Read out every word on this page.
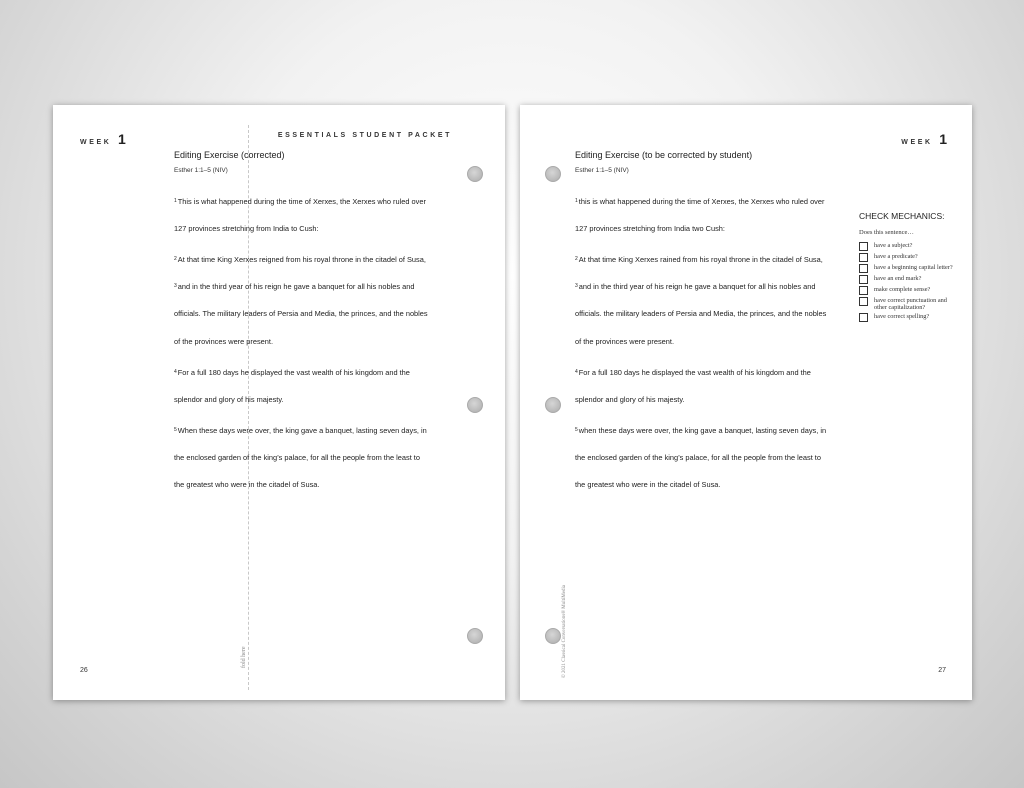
WEEK 1	ESSENTIALS STUDENT PACKET
fold here
Editing Exercise (corrected)
Esther 1:1–5 (NIV)
$^1$This is what happened during the time of Xerxes, the Xerxes who ruled over
127 provinces stretching from India to Cush:
$^2$At that time King Xerxes reigned from his royal throne in the citadel of Susa,
$^3$and in the third year of his reign he gave a banquet for all his nobles and
officials. The military leaders of Persia and Media, the princes, and the nobles
of the provinces were present.
$^4$For a full 180 days he displayed the vast wealth of his kingdom and the
splendor and glory of his majesty.
$^5$When these days were over, the king gave a banquet, lasting seven days, in
the enclosed garden of the king’s palace, for all the people from the least to
the greatest who were in the citadel of Susa.
26
WEEK 1
Editing Exercise (to be corrected by student)
Esther 1:1–5 (NIV)
$^1$this is what happened during the time of Xerxes, the Xerxes who ruled over
127 provinces stretching from India two Cush:
$^2$At that time King Xerxes rained from his royal throne in the citadel of Susa,
$^3$and in the third year of his reign he gave a banquet for all his nobles and
officials. the military leaders of Persia and Media, the princes, and the nobles
of the provinces were present.
$^4$For a full 180 days he displayed the vast wealth of his kingdom and the
splendor and glory of his majesty.
$^5$when these days were over, the king gave a banquet, lasting seven days, in
the enclosed garden of the king’s palace, for all the people from the least to
the greatest who were in the citadel of Susa.
CHECK MECHANICS:
Does this sentence…
have a subject?
have a predicate?
have a beginning capital letter?
have an end mark?
make complete sense?
have correct punctuation and other capitalization?
have correct spelling?
© 2021 Classical Conversations® MultiMedia	27
